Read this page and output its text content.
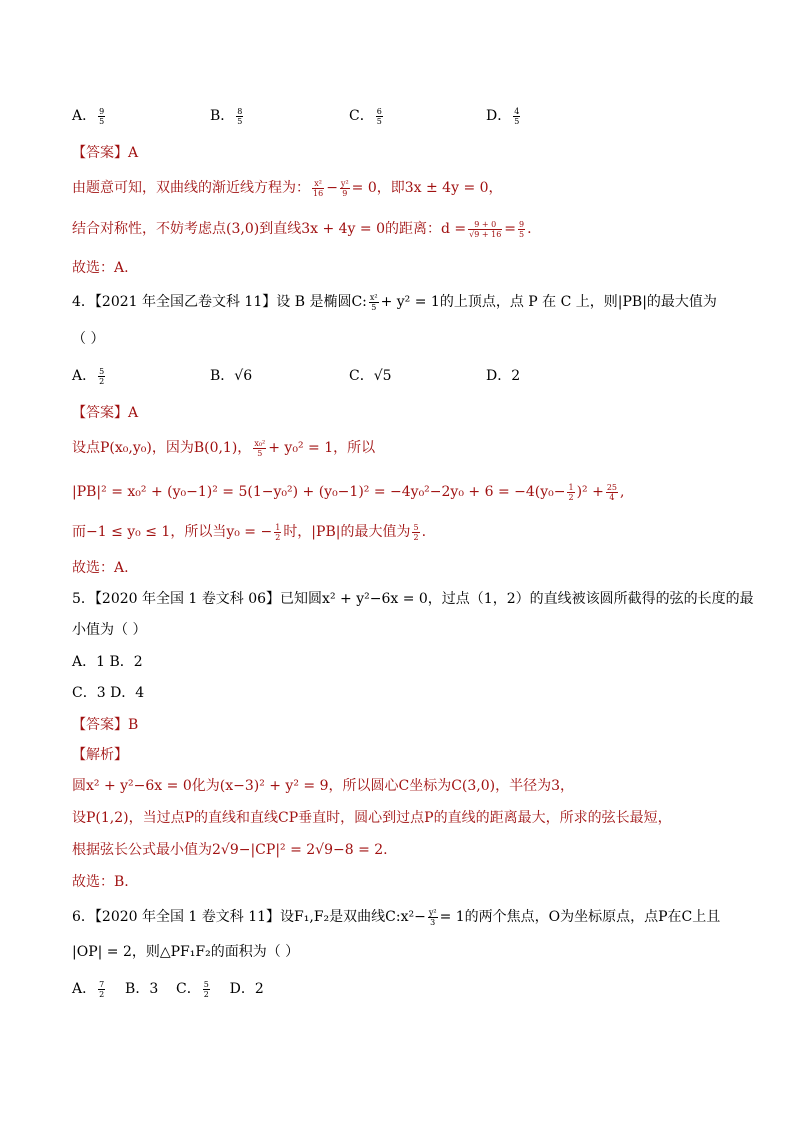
A． $\frac{9}{5}$	B． $\frac{8}{5}$	C． $\frac{6}{5}$	D． $\frac{4}{5}$
【答案】A
由题意可知，双曲线的渐近线方程为： $\frac{\text{x²}}{16} - \frac{\text{y²}}{9} = 0$，即3x ± 4y = 0，
结合对称性，不妨考虑点(3,0)到直线3x + 4y = 0的距离：$d = \frac{9 + 0}{√9 + 16} = \frac{9}{5}$ .
故选：A.
4．【2021 年全国乙卷文科 11】设 B 是椭圆C: $\frac{\text{x²}}{5} + y^2 = 1$的上顶点，点 P 在 C 上，则|PB|的最大值为
（ ）
A． $\frac{5}{2}$	B．√6	C．√5	D．2
【答案】A
设点P(x₀,y₀)，因为B(0,1)， $\frac{\text{x₀²}}{5} + y_0^2 = 1$，所以
$|PB|^2 = x_0^2 + (y_0-1)^2 = 5(1-y_0^2) + (y_0-1)^2 = -4y_0^2-2y_0 + 6 = -4(y_0- \frac{1}{2} )^2 + \frac{25}{4}$ ,
而−1 ≤ y₀ ≤ 1，所以当y₀ = − $\frac{1}{2}$ 时，|PB|的最大值为 $\frac{5}{2}$ .
故选：A.
5．【2020 年全国 1 卷文科 06】已知圆x² + y²−6x = 0，过点（1，2）的直线被该圆所截得的弦的长度的最
小值为（ ）
A．1 B．2
C．3 D．4
【答案】B
【解析】
圆x² + y²−6x = 0化为(x−3)² + y² = 9，所以圆心C坐标为C(3,0)，半径为3，
设P(1,2)，当过点P的直线和直线CP垂直时，圆心到过点P的直线的距离最大，所求的弦长最短，
根据弦长公式最小值为2√9−|CP|² = 2√9−8 = 2.
故选：B.
6．【2020 年全国 1 卷文科 11】设F₁,F₂是双曲线C:x²− $\frac{\text{y²}}{3} = 1$的两个焦点，O为坐标原点，点P在C上且
|OP| = 2，则△PF₁F₂的面积为（ ）
A． $\frac{7}{2}$ B．3 C． $\frac{5}{2}$ D．2
